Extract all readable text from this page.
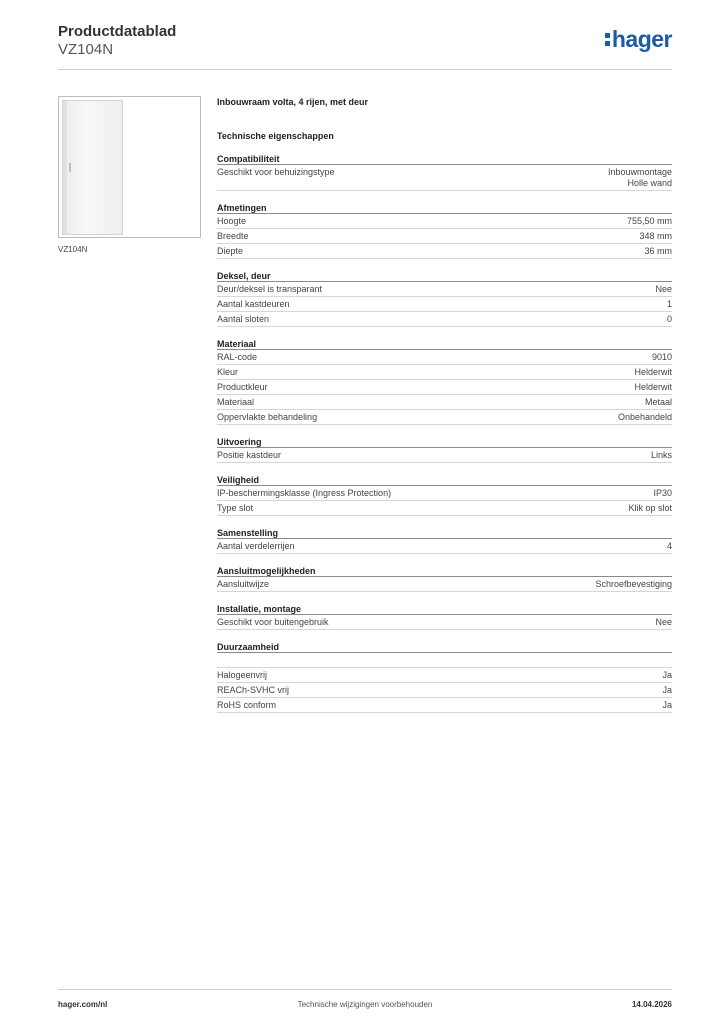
Productdatablad
VZ104N	hager
VZ104N
Inbouwraam volta, 4 rijen, met deur
Technische eigenschappen
Compatibiliteit
Geschikt voor behuizingstype	Inbouwmontage
Holle wand
Afmetingen
Hoogte	755,50 mm
Breedte	348 mm
Diepte	36 mm
Deksel, deur
Deur/deksel is transparant	Nee
Aantal kastdeuren	1
Aantal sloten	0
Materiaal
RAL-code	9010
Kleur	Helderwit
Productkleur	Helderwit
Materiaal	Metaal
Oppervlakte behandeling	Onbehandeld
Uitvoering
Positie kastdeur	Links
Veiligheid
IP-beschermingsklasse (Ingress Protection)	IP30
Type slot	Klik op slot
Samenstelling
Aantal verdelerrijen	4
Aansluitmogelijkheden
Aansluitwijze	Schroefbevestiging
Installatie, montage
Geschikt voor buitengebruik	Nee
Duurzaamheid

Halogeenvrij	Ja
REACh-SVHC vrij	Ja
RoHS conform	Ja
hager.com/nl	Technische wijzigingen voorbehouden	14.04.2026
